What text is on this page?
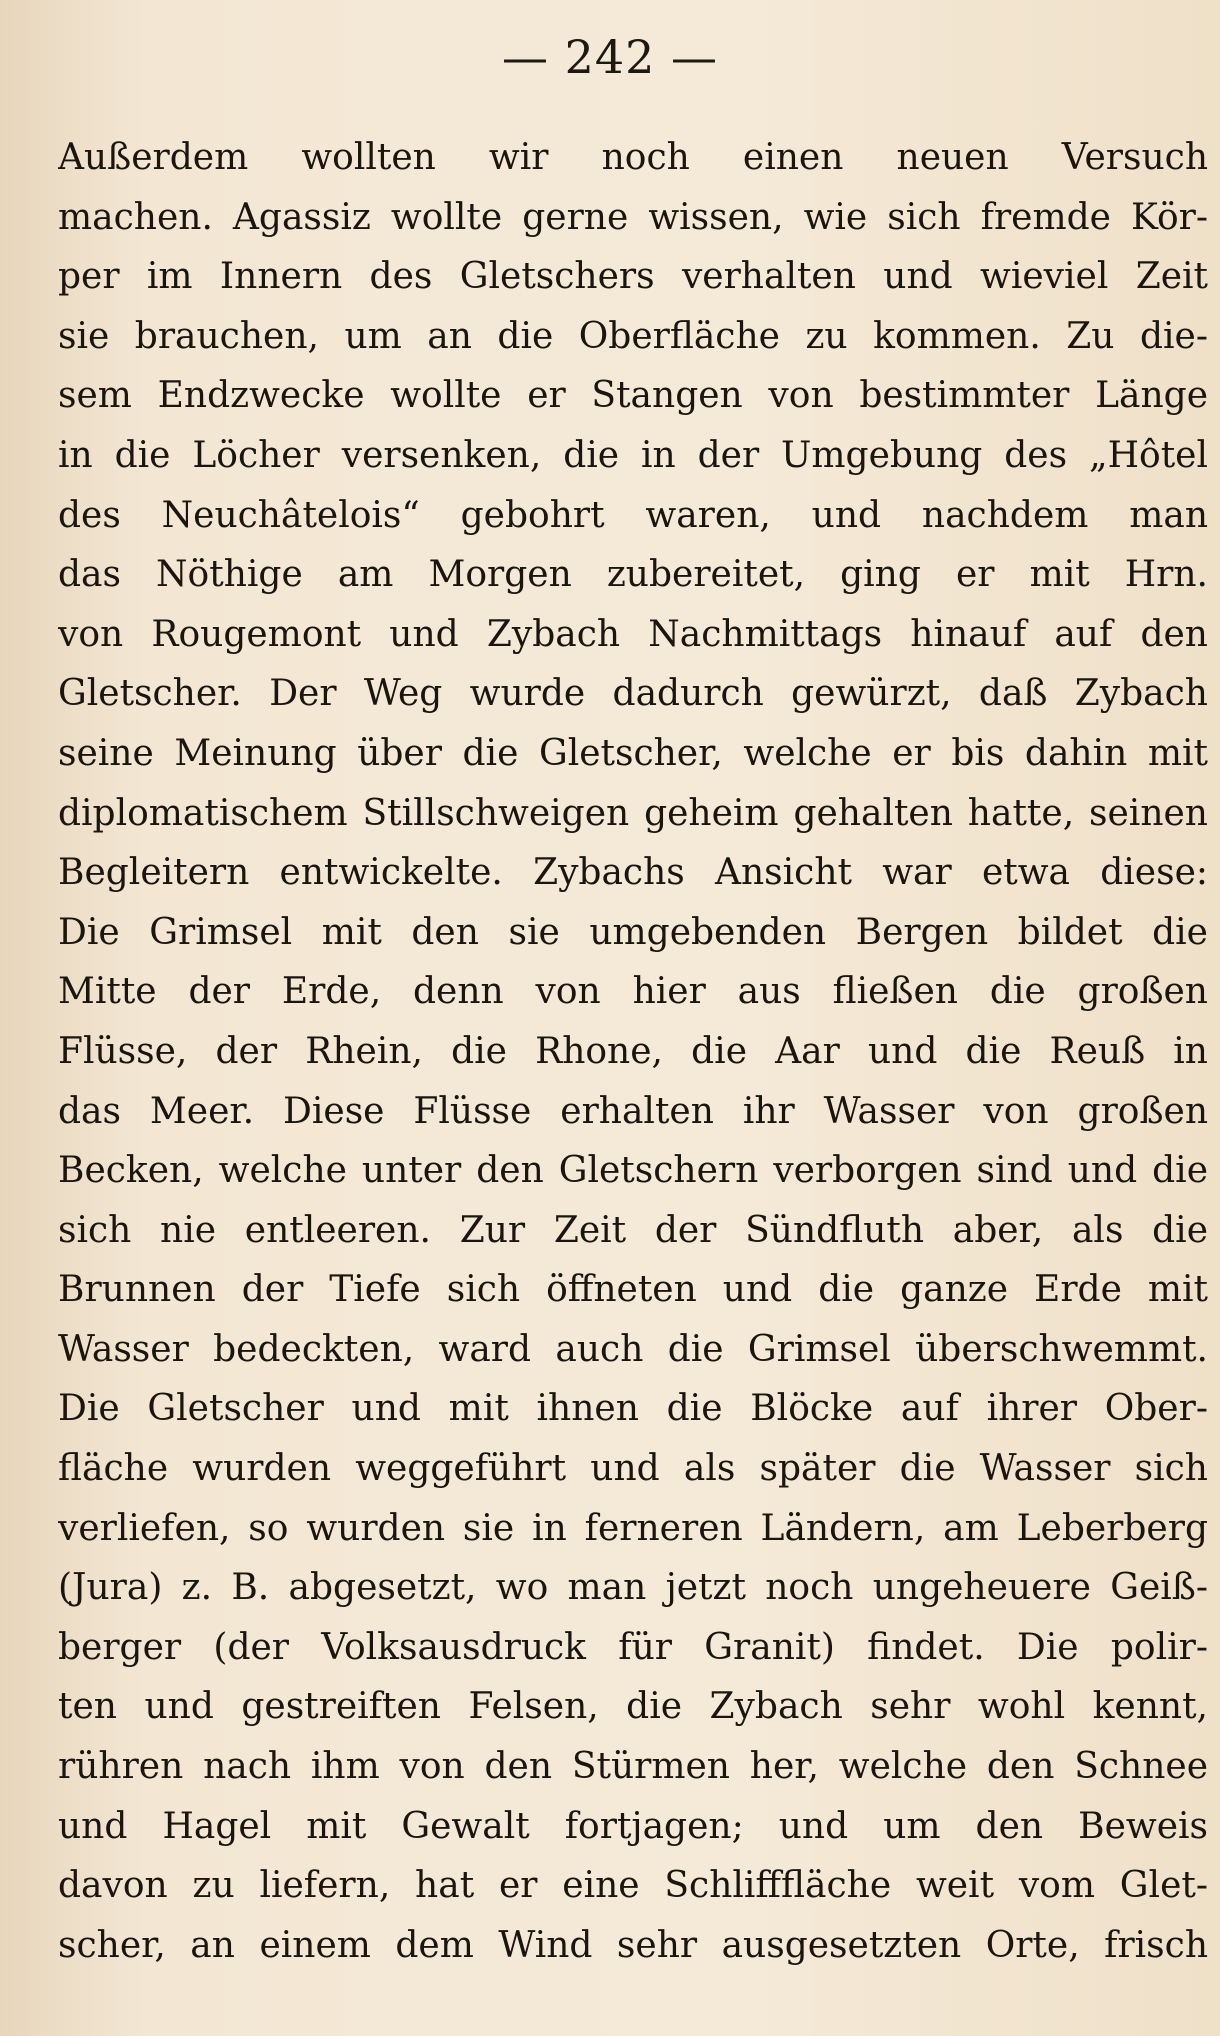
— 242 —
Außerdem wollten wir noch einen neuen Versuch
machen. Agassiz wollte gerne wissen, wie sich fremde Kör-
per im Innern des Gletschers verhalten und wieviel Zeit
sie brauchen, um an die Oberfläche zu kommen. Zu die-
sem Endzwecke wollte er Stangen von bestimmter Länge
in die Löcher versenken, die in der Umgebung des „Hôtel
des Neuchâtelois“ gebohrt waren, und nachdem man
das Nöthige am Morgen zubereitet, ging er mit Hrn.
von Rougemont und Zybach Nachmittags hinauf auf den
Gletscher. Der Weg wurde dadurch gewürzt, daß Zybach
seine Meinung über die Gletscher, welche er bis dahin mit
diplomatischem Stillschweigen geheim gehalten hatte, seinen
Begleitern entwickelte. Zybachs Ansicht war etwa diese:
Die Grimsel mit den sie umgebenden Bergen bildet die
Mitte der Erde, denn von hier aus fließen die großen
Flüsse, der Rhein, die Rhone, die Aar und die Reuß in
das Meer. Diese Flüsse erhalten ihr Wasser von großen
Becken, welche unter den Gletschern verborgen sind und die
sich nie entleeren. Zur Zeit der Sündfluth aber, als die
Brunnen der Tiefe sich öffneten und die ganze Erde mit
Wasser bedeckten, ward auch die Grimsel überschwemmt.
Die Gletscher und mit ihnen die Blöcke auf ihrer Ober-
fläche wurden weggeführt und als später die Wasser sich
verliefen, so wurden sie in ferneren Ländern, am Leberberg
(Jura) z. B. abgesetzt, wo man jetzt noch ungeheuere Geiß-
berger (der Volksausdruck für Granit) findet. Die polir-
ten und gestreiften Felsen, die Zybach sehr wohl kennt,
rühren nach ihm von den Stürmen her, welche den Schnee
und Hagel mit Gewalt fortjagen; und um den Beweis
davon zu liefern, hat er eine Schlifffläche weit vom Glet-
scher, an einem dem Wind sehr ausgesetzten Orte, frisch
